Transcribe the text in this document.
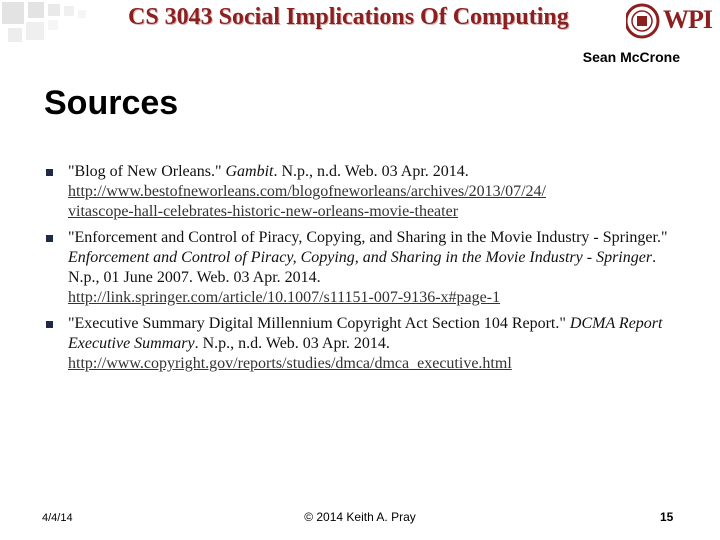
CS 3043 Social Implications Of Computing	WPI
Sean McCrone
Sources
"Blog of New Orleans." Gambit. N.p., n.d. Web. 03 Apr. 2014.
http://www.bestofneworleans.com/blogofneworleans/archives/2013/07/24/
vitascope-hall-celebrates-historic-new-orleans-movie-theater
"Enforcement and Control of Piracy, Copying, and Sharing in the Movie Industry - Springer." Enforcement and Control of Piracy, Copying, and Sharing in the Movie Industry - Springer. N.p., 01 June 2007. Web. 03 Apr. 2014.
http://link.springer.com/article/10.1007/s11151-007-9136-x#page-1
"Executive Summary Digital Millennium Copyright Act Section 104 Report." DCMA Report Executive Summary. N.p., n.d. Web. 03 Apr. 2014.
http://www.copyright.gov/reports/studies/dmca/dmca_executive.html
4/4/14	© 2014 Keith A. Pray	15
